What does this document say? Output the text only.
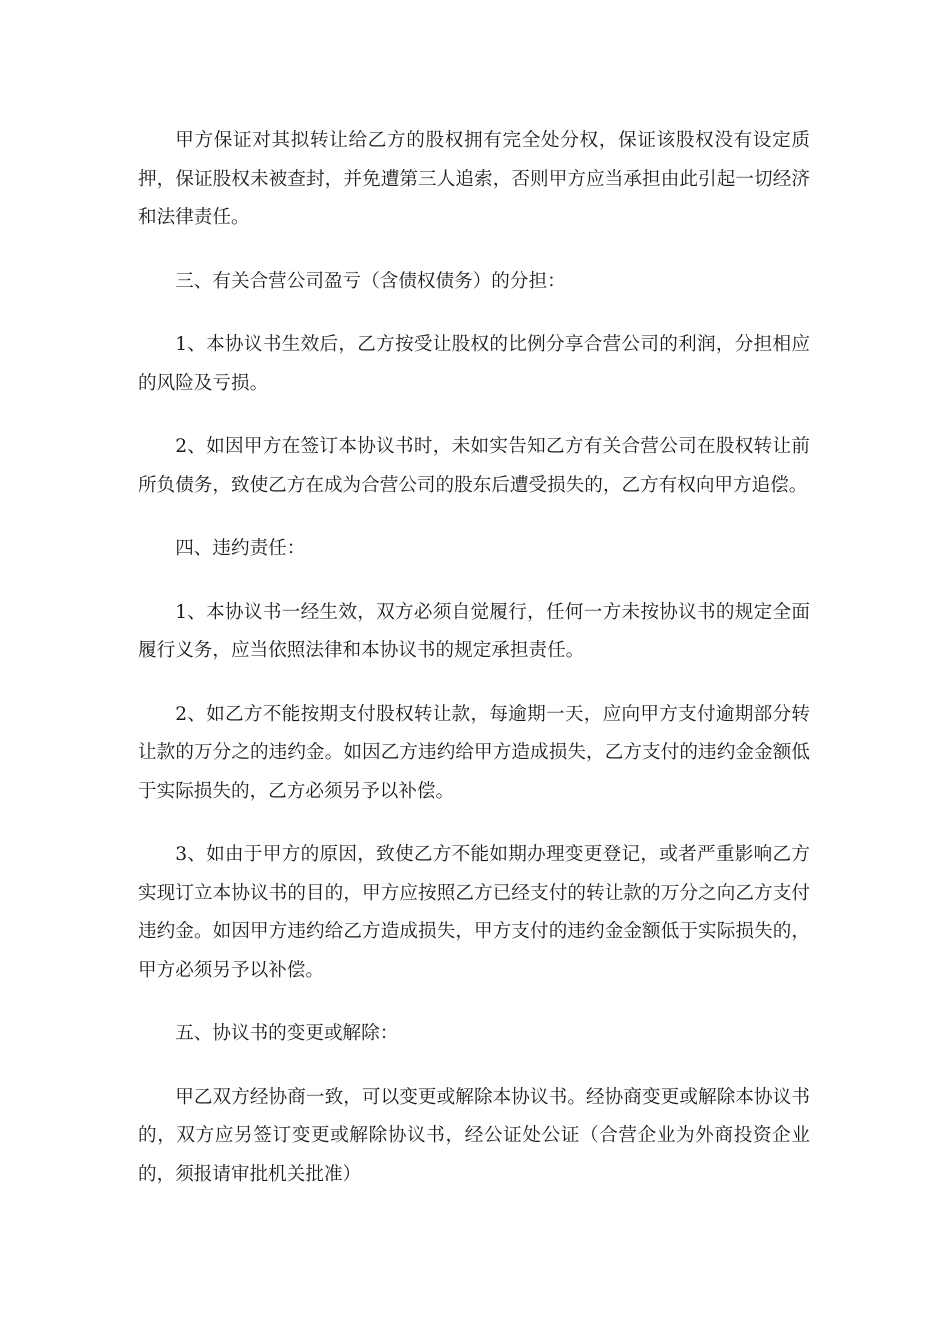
甲方保证对其拟转让给乙方的股权拥有完全处分权，保证该股权没有设定质押，保证股权未被查封，并免遭第三人追索，否则甲方应当承担由此引起一切经济和法律责任。

三、有关合营公司盈亏（含债权债务）的分担：

1、本协议书生效后，乙方按受让股权的比例分享合营公司的利润，分担相应的风险及亏损。

2、如因甲方在签订本协议书时，未如实告知乙方有关合营公司在股权转让前所负债务，致使乙方在成为合营公司的股东后遭受损失的，乙方有权向甲方追偿。

四、违约责任：

1、本协议书一经生效，双方必须自觉履行，任何一方未按协议书的规定全面履行义务，应当依照法律和本协议书的规定承担责任。

2、如乙方不能按期支付股权转让款，每逾期一天，应向甲方支付逾期部分转让款的万分之的违约金。如因乙方违约给甲方造成损失，乙方支付的违约金金额低于实际损失的，乙方必须另予以补偿。

3、如由于甲方的原因，致使乙方不能如期办理变更登记，或者严重影响乙方实现订立本协议书的目的，甲方应按照乙方已经支付的转让款的万分之向乙方支付违约金。如因甲方违约给乙方造成损失，甲方支付的违约金金额低于实际损失的，甲方必须另予以补偿。

五、协议书的变更或解除：

甲乙双方经协商一致，可以变更或解除本协议书。经协商变更或解除本协议书的，双方应另签订变更或解除协议书，经公证处公证（合营企业为外商投资企业的，须报请审批机关批准）
